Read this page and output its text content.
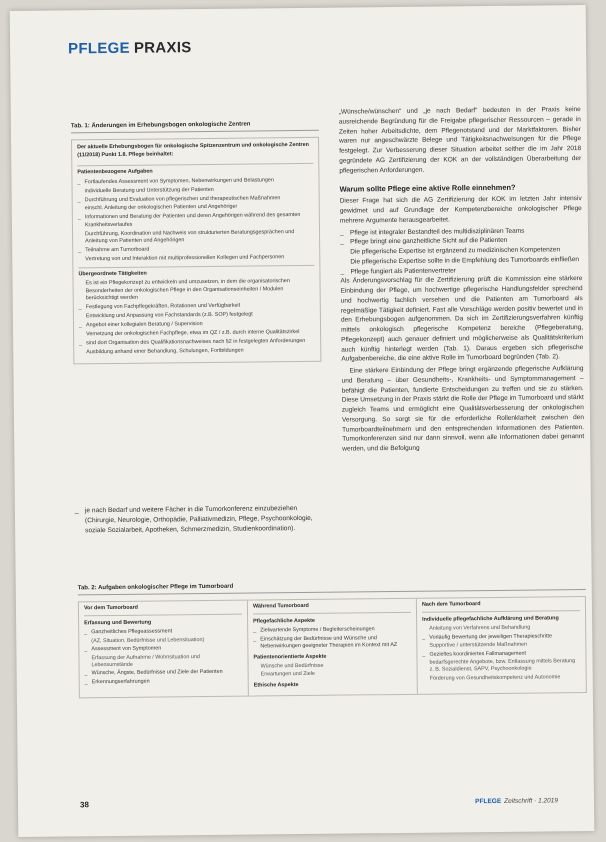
PFLEGE PRAXIS
Tab. 1: Änderungen im Erhebungsbogen onkologische Zentren
Der aktuelle Erhebungsbogen für onkologische Spitzenzentrum und onkologische Zentren (11/2018) Punkt 1.8. Pflege beinhaltet:
Patientenbezogene Aufgaben
_ Fortlaufendes Assessment von Symptomen, Nebenwirkungen und Belastungen
individuelle Beratung und Unterstützung der Patienten
_ Durchführung und Evaluation von pflegerischen und therapeutischen Maßnahmen
einschl. Anleitung der onkologischen Patienten und Angehöriger
_ Informationen und Beratung der Patienten und deren Angehörigen während des gesamten Krankheitsverlaufes
Durchführung, Koordination und Nachweis von strukturierten Beratungsgesprächen und Anleitung von Patienten und Angehörigen
_ Teilnahme am Tumorboard
Vertretung von und Interaktion mit multiprofessionellen Kollegen und Fachpersonen
Übergeordnete Tätigkeiten
Es ist ein Pflegekonzept zu entwickeln und umzusetzen, in dem die organisatorischen Besonderheiten der onkologischen Pflege in den Organisationseinheiten / Modulen berücksichtigt werden
_ Festlegung von Fachpflegekräften, Rotationen und Verfügbarkeit
Entwicklung und Anpassung von Fachstandards (z.B. SOP) festgelegt
_ Angebot einer kollegialen Beratung / Supervision
Vernetzung der onkologischen Fachpflege, etwa im QZ / z.B. durch interne Qualitätszirkel
_ sind dort Organisation des Qualifikationsnachweises nach §2 in festgelegten Anforderungen
Ausbildung anhand einer Behandlung, Schulungen, Fortbildungen
_ je nach Bedarf und weitere Fächer in die Tumorkonferenz einzubeziehen (Chirurgie, Neurologie, Orthopädie, Palliativmedizin, Pflege, Psychoonkologie, soziale Sozialarbeit, Apotheken, Schmerzmedizin, Studienkoordination).

„Wünsche/wünschen“ und „je nach Bedarf“ bedeuten in der Praxis keine ausreichende Begründung für die Freigabe pflegerischer Ressourcen – gerade in Zeiten hoher Arbeitsdichte, dem Pflegenotstand und der Marktfaktoren. Bisher waren nur angeschwärzte Belege und Tätigkeitsnachweisungen für die Pflege festgelegt. Zur Verbesserung dieser Situation arbeitet seither die im Jahr 2018 gegründete AG Zertifizierung der KOK an der vollständigen Überarbeitung der pflegerischen Anforderungen.

Warum sollte Pflege eine aktive Rolle einnehmen?

Dieser Frage hat sich die AG Zertifizierung der KOK im letzten Jahr intensiv gewidmet und auf Grundlage der Kompetenzbereiche onkologischer Pflege mehrere Argumente herausgearbeitet.

_ Pflege ist integraler Bestandteil des multidisziplinären Teams
_ Pflege bringt eine ganzheitliche Sicht auf die Patienten
Die pflegerische Expertise ist ergänzend zu medizinischen Kompetenzen
Die pflegerische Expertise sollte in die Empfehlung des Tumorboards einfließen
_ Pflege fungiert als Patientenvertreter

Als Änderungsvorschlag für die Zertifizierung prüft die Kommission eine stärkere Einbindung der Pflege, um hochwertige pflegerische Handlungsfelder sprechend und hochwertig fachlich versehen und die Patienten am Tumorboard als regelmäßige Tätigkeit definiert. Fast alle Vorschläge werden positiv bewertet und in den Erhebungsbogen aufgenommen. Da sich im Zertifizierungsverfahren künftig mittels onkologisch pflegerische Kompetenz bereiche (Pflegeberatung, Pflegekonzept) auch genauer definiert und möglicherweise als Qualitätskriterium auch künftig hinterlegt werden (Tab. 1). Daraus ergeben sich pflegerische Aufgabenbereiche, die eine aktive Rolle im Tumorboard begründen (Tab. 2).

Eine stärkere Einbindung der Pflege bringt ergänzende pflegerische Aufklärung und Beratung – über Gesundheits-, Krankheits- und Symptommanagement – befähigt die Patienten, fundierte Entscheidungen zu treffen und sie zu stärken. Diese Umsetzung in der Praxis stärkt die Rolle der Pflege im Tumorboard und stärkt zugleich Teams und ermöglicht eine Qualitätsverbesserung der onkologischen Versorgung. So sorgt sie für die erforderliche Rollenklarheit zwischen den Tumorboardteilnehmern und den entsprechenden Informationen des Patienten. Tumorkonferenzen sind nur dann sinnvoll, wenn alle Informationen dabei genannt werden, und die Befolgung

Tab. 2: Aufgaben onkologischer Pflege im Tumorboard
Vor dem Tumorboard
Erfassung und Bewertung
_ Ganzheitliches Pflegeassessment
(AZ, Situation, Bedürfnisse und Lebensituation)
_ Assessment von Symptomen
Erfassung der Aufnahme / Wohnsituation und Lebensumstände
_ Wünsche, Ängste, Bedürfnisse und Ziele der Patienten
_ Erkennungserfahrungen
Während Tumorboard
Pflegefachliche Aspekte
_ Zielwartende Symptome / Begleiterscheinungen
_ Einschätzung der Bedürfnisse und Wünsche und Nebenwirkungen geeigneter Therapien im Kontext mit AZ
Patientenorientierte Aspekte
Wünsche und Bedürfnisse
Erwartungen und Ziele
Ethische Aspekte
Nach dem Tumorboard
Individuelle pflegefachliche Aufklärung und Beratung
Anleitung von Verfahrens und Behandlung
_ Vorläufig Bewertung der jeweiligen Therapieschritte
Supportive / unterstützende Maßnahmen
_ Gezieltes koordiniertes Fallmanagement
bedarfsgerechte Angebote, bzw. Entlassung mittels Beratung z. B. Sozialdienst, SAPV, Psychoonkologie
Förderung von Gesundheitskompetenz und Autonomie
38	PFLEGE Zeitschrift · 1.2019
